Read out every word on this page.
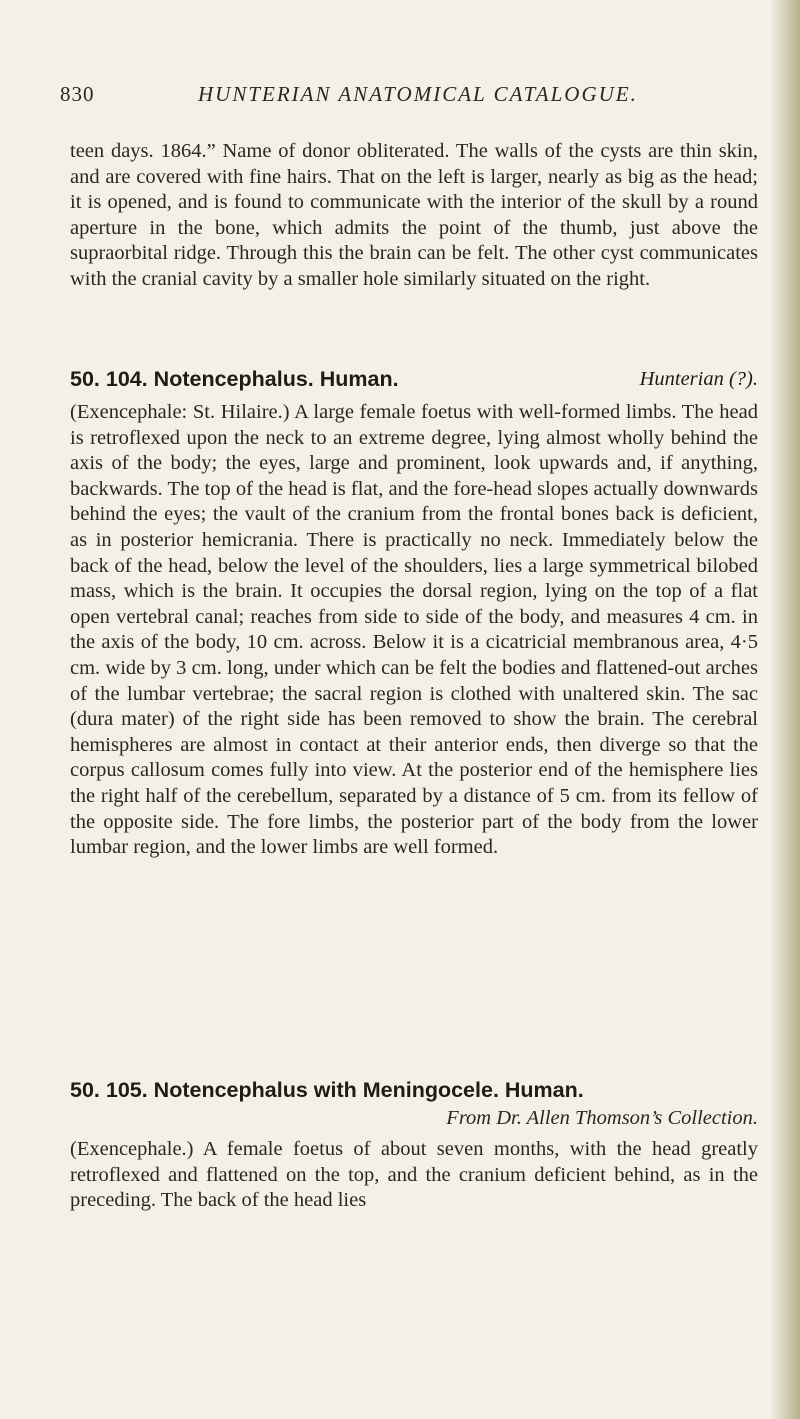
830	HUNTERIAN ANATOMICAL CATALOGUE.

teen days. 1864.” Name of donor obliterated. The walls of the cysts are thin skin, and are covered with fine hairs. That on the left is larger, nearly as big as the head; it is opened, and is found to communicate with the interior of the skull by a round aperture in the bone, which admits the point of the thumb, just above the supraorbital ridge. Through this the brain can be felt. The other cyst communicates with the cranial cavity by a smaller hole similarly situated on the right.

50. 104. Notencephalus. Human.	Hunterian (?).

(Exencephale: St. Hilaire.) A large female foetus with well-formed limbs. The head is retroflexed upon the neck to an extreme degree, lying almost wholly behind the axis of the body; the eyes, large and prominent, look upwards and, if anything, backwards. The top of the head is flat, and the fore-head slopes actually downwards behind the eyes; the vault of the cranium from the frontal bones back is deficient, as in posterior hemicrania. There is practically no neck. Immediately below the back of the head, below the level of the shoulders, lies a large symmetrical bilobed mass, which is the brain. It occupies the dorsal region, lying on the top of a flat open vertebral canal; reaches from side to side of the body, and measures 4 cm. in the axis of the body, 10 cm. across. Below it is a cicatricial membranous area, 4·5 cm. wide by 3 cm. long, under which can be felt the bodies and flattened-out arches of the lumbar vertebrae; the sacral region is clothed with unaltered skin. The sac (dura mater) of the right side has been removed to show the brain. The cerebral hemispheres are almost in contact at their anterior ends, then diverge so that the corpus callosum comes fully into view. At the posterior end of the hemisphere lies the right half of the cerebellum, separated by a distance of 5 cm. from its fellow of the opposite side. The fore limbs, the posterior part of the body from the lower lumbar region, and the lower limbs are well formed.

50. 105. Notencephalus with Meningocele. Human.
From Dr. Allen Thomson’s Collection.

(Exencephale.) A female foetus of about seven months, with the head greatly retroflexed and flattened on the top, and the cranium deficient behind, as in the preceding. The back of the head lies
